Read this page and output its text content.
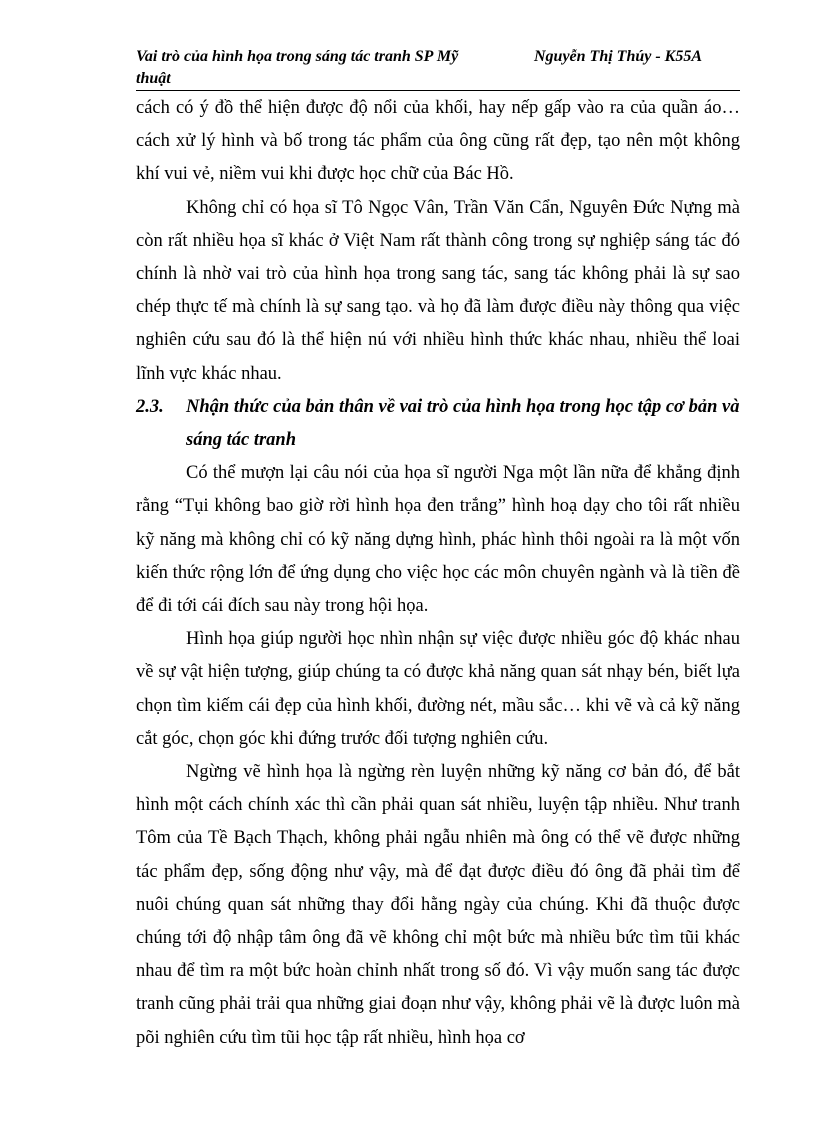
Vai trò của hình họa trong sáng tác tranh SP Mỹ thuật
Nguyễn Thị Thúy - K55A

cách có ý đồ thể hiện được độ nổi của khối, hay nếp gấp vào ra của quần áo… cách xử lý hình và bố trong tác phẩm của ông cũng rất đẹp, tạo nên một không khí vui vẻ, niềm vui khi được học chữ của Bác Hồ.

Không chỉ có họa sĩ Tô Ngọc Vân, Trần Văn Cẩn, Nguyên Đức Nựng mà còn rất nhiều họa sĩ khác ở Việt Nam rất thành công trong sự nghiệp sáng tác đó chính là nhờ vai trò của hình họa trong sang tác, sang tác không phải là sự sao chép thực tế mà chính là sự sang tạo. và họ đã làm được điều này thông qua việc nghiên cứu sau đó là thể hiện nú với nhiều hình thức khác nhau, nhiều thể loai lĩnh vực khác nhau.

2.3.	Nhận thức của bản thân về vai trò của hình họa trong học tập cơ bản và sáng tác tranh

Có thể mượn lại câu nói của họa sĩ người Nga một lần nữa để khẳng định rằng “Tụi không bao giờ rời hình họa đen trắng” hình hoạ dạy cho tôi rất nhiều kỹ năng mà không chỉ có kỹ năng dựng hình, phác hình thôi ngoài ra là một vốn kiến thức rộng lớn để ứng dụng cho việc học các môn chuyên ngành và là tiền đề để đi tới cái đích sau này trong hội họa.

Hình họa giúp người học nhìn nhận sự việc được nhiều góc độ khác nhau về sự vật hiện tượng, giúp chúng ta có được khả năng quan sát nhạy bén, biết lựa chọn tìm kiếm cái đẹp của hình khối, đường nét, mầu sắc… khi vẽ và cả kỹ năng cắt góc, chọn góc khi đứng trước đối tượng nghiên cứu.

Ngừng vẽ hình họa là ngừng rèn luyện những kỹ năng cơ bản đó, để bắt hình một cách chính xác thì cần phải quan sát nhiều, luyện tập nhiều. Như tranh Tôm của Tề Bạch Thạch, không phải ngẫu nhiên mà ông có thể vẽ được những tác phẩm đẹp, sống động như vậy, mà để đạt được điều đó ông đã phải tìm để nuôi chúng quan sát những thay đổi hằng ngày của chúng. Khi đã thuộc được chúng tới độ nhập tâm ông đã vẽ không chỉ một bức mà nhiều bức tìm tũi khác nhau để tìm ra một bức hoàn chỉnh nhất trong số đó. Vì vậy muốn sang tác được tranh cũng phải trải qua những giai đoạn như vậy, không phải vẽ là được luôn mà põi nghiên cứu tìm tũi học tập rất nhiều, hình họa cơ
